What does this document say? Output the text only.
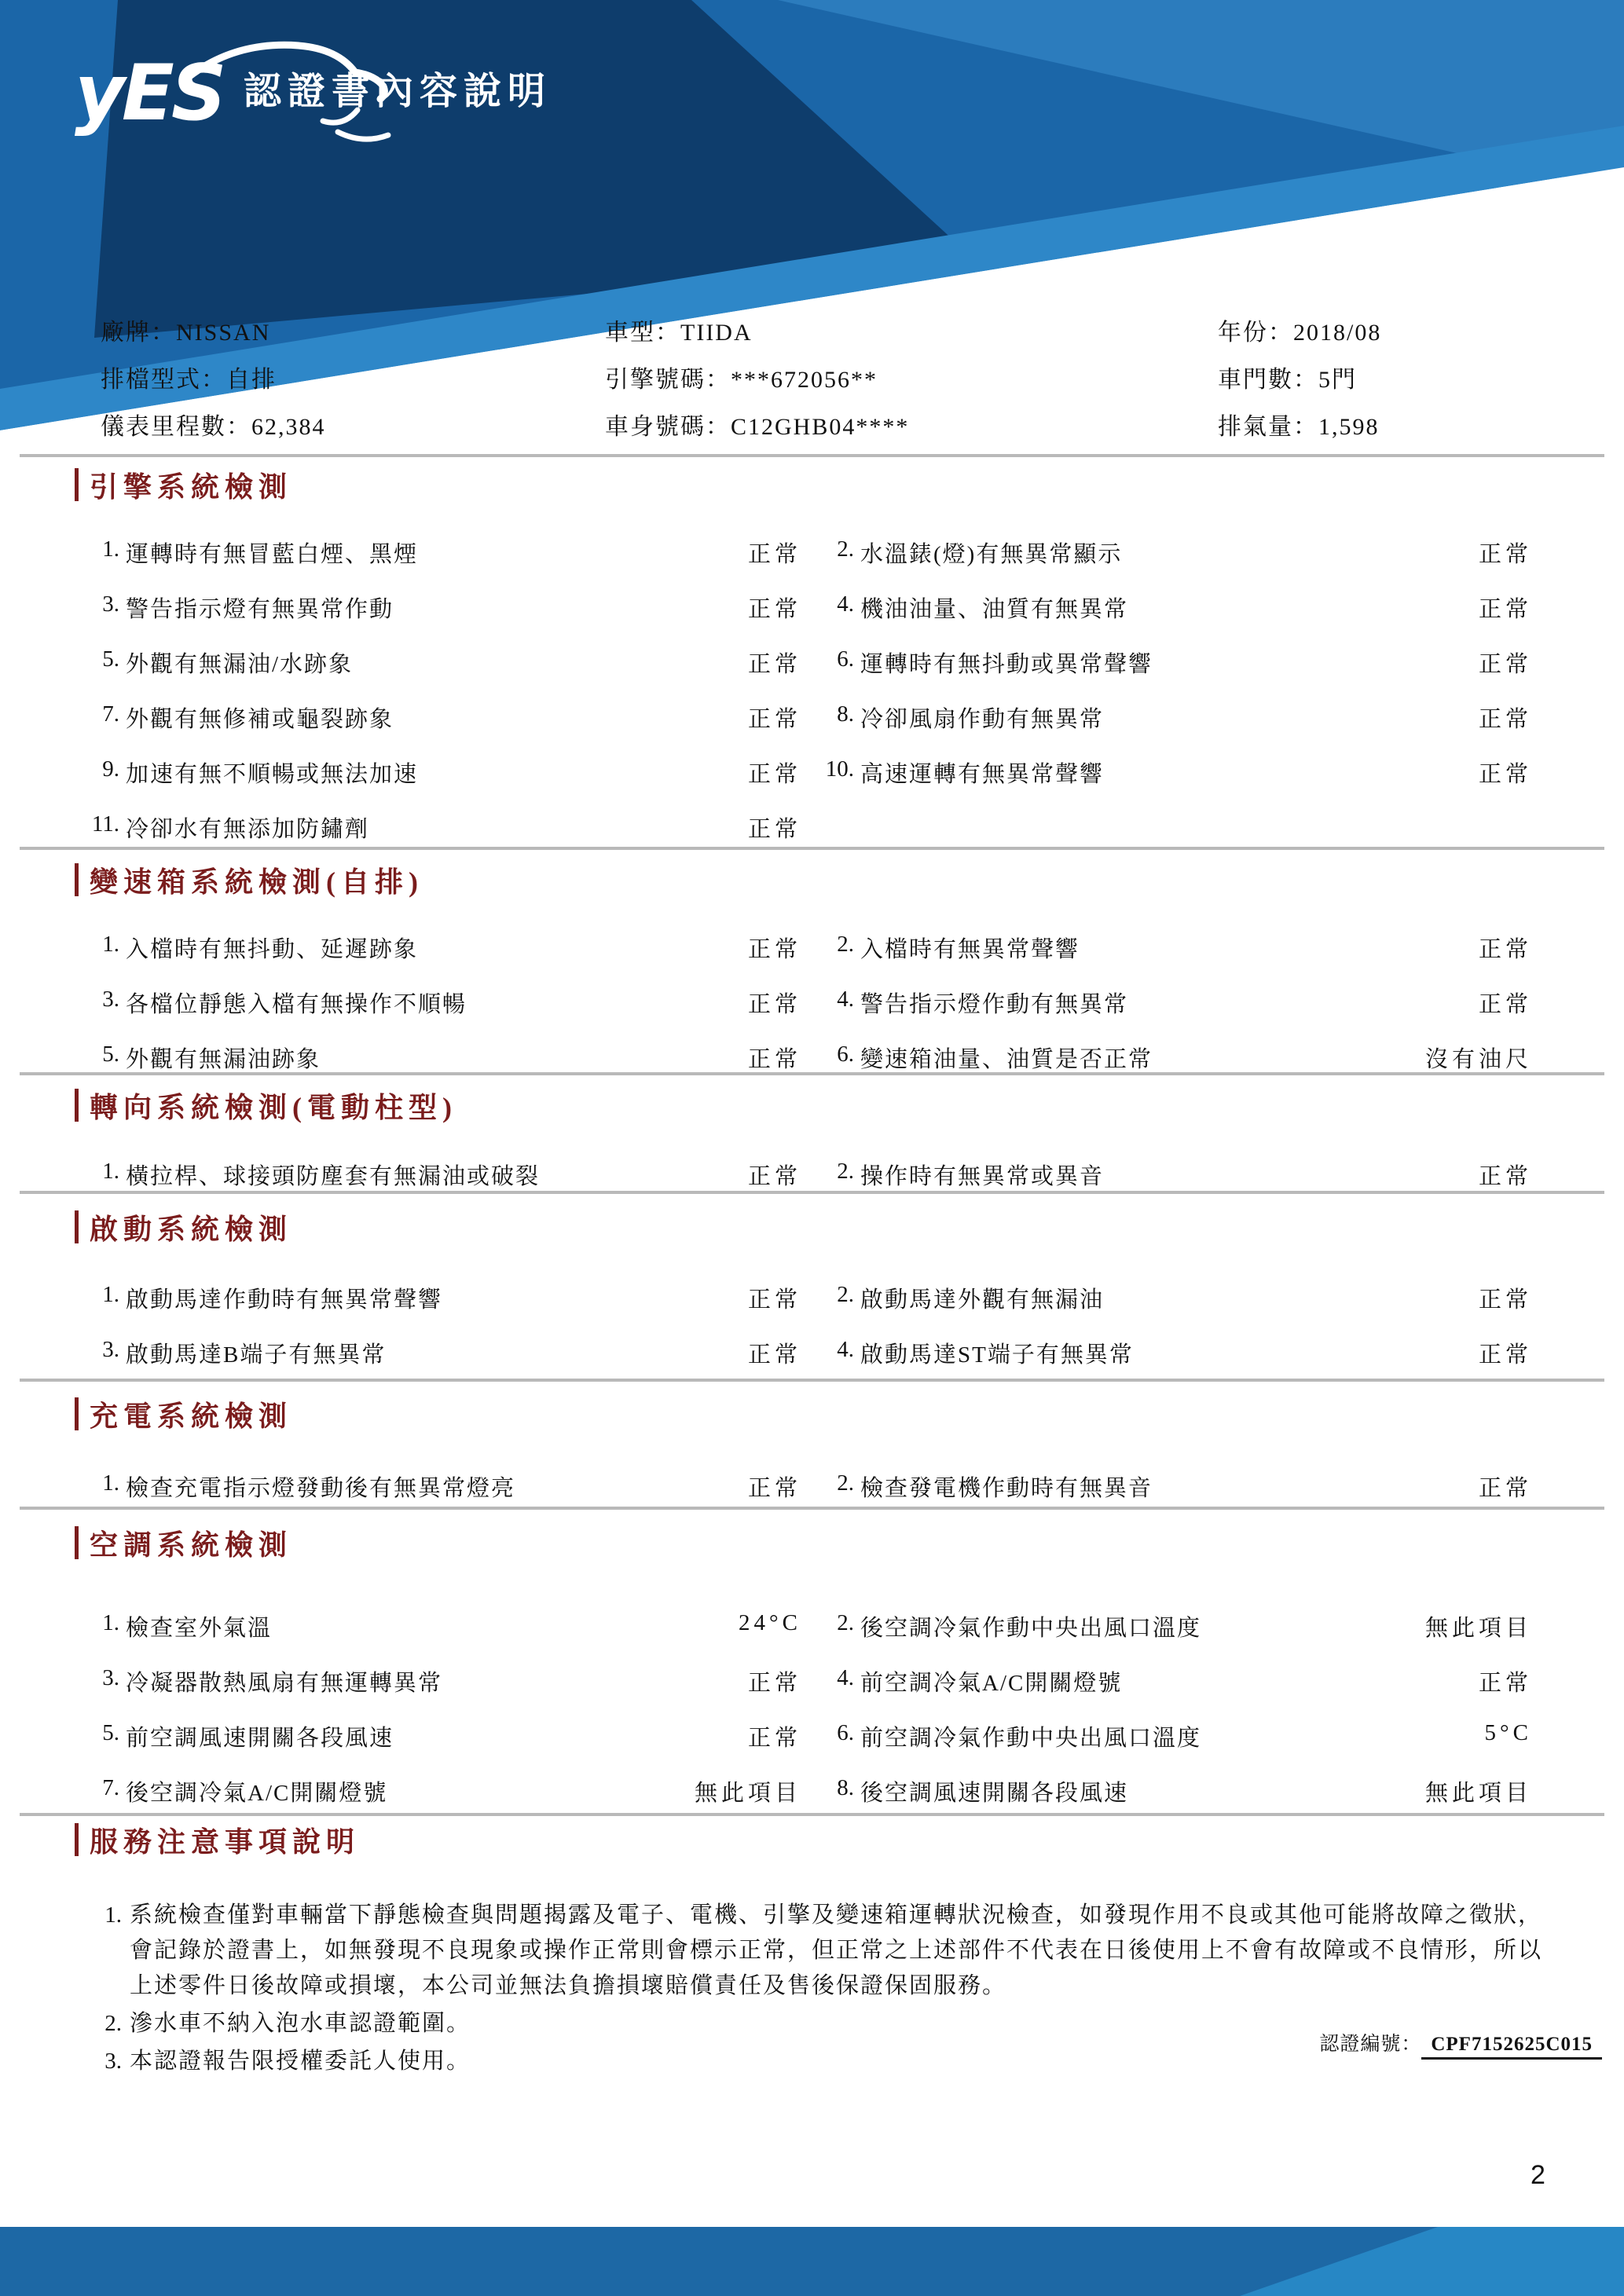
yES 認證書內容說明
廠牌：NISSAN	車型：TIIDA	年份：2018/08
排檔型式：自排	引擎號碼：***672056**	車門數：5門
儀表里程數：62,384	車身號碼：C12GHB04****	排氣量：1,598
引擎系統檢測
1. 運轉時有無冒藍白煙、黑煙	正常	2. 水溫錶(燈)有無異常顯示	正常
3. 警告指示燈有無異常作動	正常	4. 機油油量、油質有無異常	正常
5. 外觀有無漏油/水跡象	正常	6. 運轉時有無抖動或異常聲響	正常
7. 外觀有無修補或龜裂跡象	正常	8. 冷卻風扇作動有無異常	正常
9. 加速有無不順暢或無法加速	正常	10. 高速運轉有無異常聲響	正常
11. 冷卻水有無添加防鏽劑	正常
變速箱系統檢測(自排)
1. 入檔時有無抖動、延遲跡象	正常	2. 入檔時有無異常聲響	正常
3. 各檔位靜態入檔有無操作不順暢	正常	4. 警告指示燈作動有無異常	正常
5. 外觀有無漏油跡象	正常	6. 變速箱油量、油質是否正常	沒有油尺
轉向系統檢測(電動柱型)
1. 橫拉桿、球接頭防塵套有無漏油或破裂	正常	2. 操作時有無異常或異音	正常
啟動系統檢測
1. 啟動馬達作動時有無異常聲響	正常	2. 啟動馬達外觀有無漏油	正常
3. 啟動馬達B端子有無異常	正常	4. 啟動馬達ST端子有無異常	正常
充電系統檢測
1. 檢查充電指示燈發動後有無異常燈亮	正常	2. 檢查發電機作動時有無異音	正常
空調系統檢測
1. 檢查室外氣溫	24°C	2. 後空調冷氣作動中央出風口溫度	無此項目
3. 冷凝器散熱風扇有無運轉異常	正常	4. 前空調冷氣A/C開關燈號	正常
5. 前空調風速開關各段風速	正常	6. 前空調冷氣作動中央出風口溫度	5°C
7. 後空調冷氣A/C開關燈號	無此項目	8. 後空調風速開關各段風速	無此項目
服務注意事項說明
1. 系統檢查僅對車輛當下靜態檢查與問題揭露及電子、電機、引擎及變速箱運轉狀況檢查，如發現作用不良或其他可能將故障之徵狀，會記錄於證書上，如無發現不良現象或操作正常則會標示正常，但正常之上述部件不代表在日後使用上不會有故障或不良情形，所以上述零件日後故障或損壞，本公司並無法負擔損壞賠償責任及售後保證保固服務。
2. 滲水車不納入泡水車認證範圍。
3. 本認證報告限授權委託人使用。
認證編號： CPF7152625C015
2
